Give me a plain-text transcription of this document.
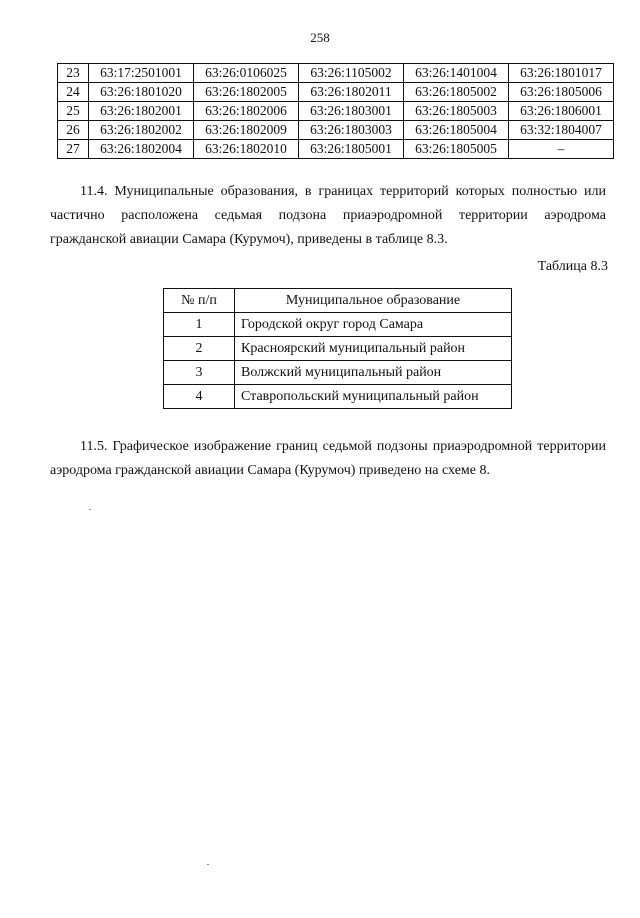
258
23	63:17:2501001	63:26:0106025	63:26:1105002	63:26:1401004	63:26:1801017
24	63:26:1801020	63:26:1802005	63:26:1802011	63:26:1805002	63:26:1805006
25	63:26:1802001	63:26:1802006	63:26:1803001	63:26:1805003	63:26:1806001
26	63:26:1802002	63:26:1802009	63:26:1803003	63:26:1805004	63:32:1804007
27	63:26:1802004	63:26:1802010	63:26:1805001	63:26:1805005	–

11.4. Муниципальные образования, в границах территорий которых полностью или частично расположена седьмая подзона приаэродромной территории аэродрома гражданской авиации Самара (Курумоч), приведены в таблице 8.3.

Таблица 8.3
№ п/п	Муниципальное образование
1	Городской округ город Самара
2	Красноярский муниципальный район
3	Волжский муниципальный район
4	Ставропольский муниципальный район

11.5. Графическое изображение границ седьмой подзоны приаэродромной территории аэродрома гражданской авиации Самара (Курумоч) приведено на схеме 8.
